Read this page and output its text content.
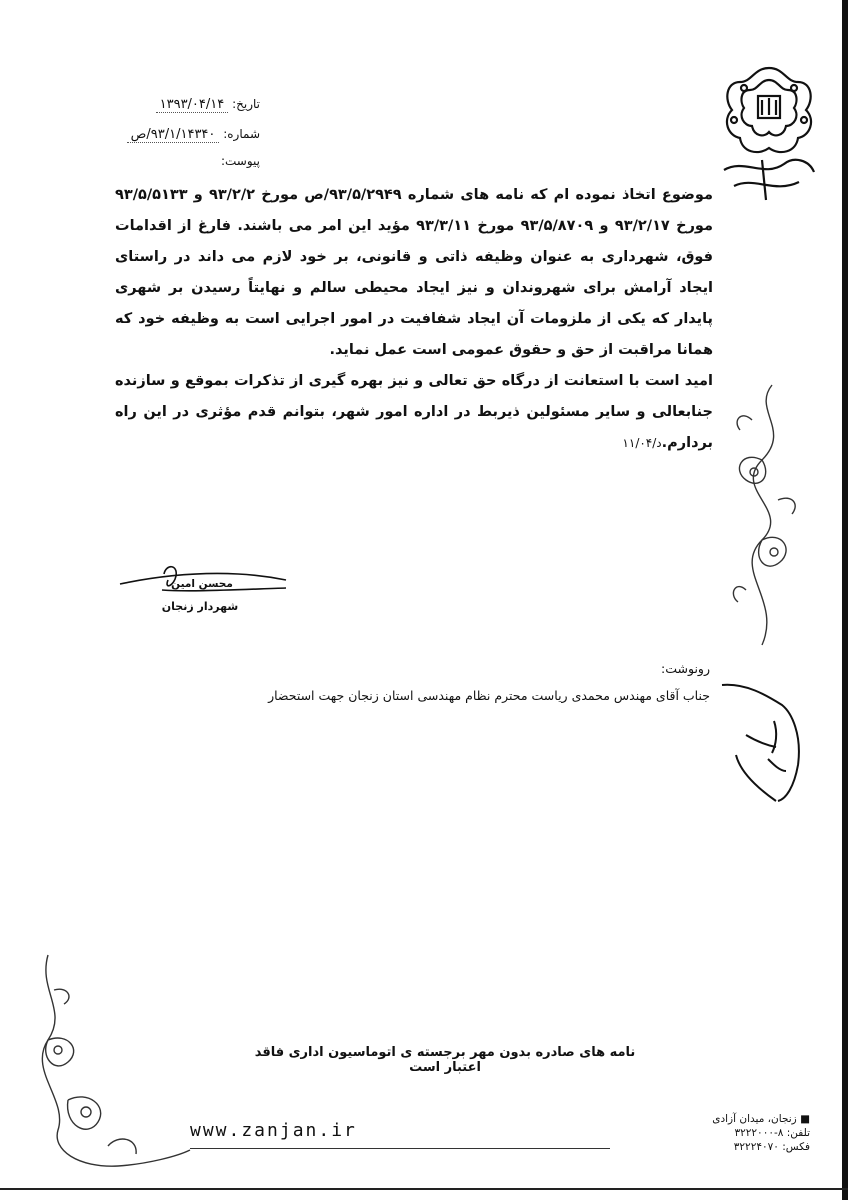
تاریخ: ۱۳۹۳/۰۴/۱۴
شماره: ۹۳/۱/۱۴۳۴۰/ص
پیوست:

موضوع اتخاذ نموده ام که نامه های شماره ۹۳/۵/۲۹۴۹/ص مورخ ۹۳/۲/۲ و ۹۳/۵/۵۱۳۳ مورخ ۹۳/۲/۱۷ و ۹۳/۵/۸۷۰۹ مورخ ۹۳/۳/۱۱ مؤید این امر می باشند. فارغ از اقدامات فوق، شهرداری به عنوان وظیفه ذاتی و قانونی، بر خود لازم می داند در راستای ایجاد آرامش برای شهروندان و نیز ایجاد محیطی سالم و نهایتاً رسیدن بر شهری پایدار که یکی از ملزومات آن ایجاد شفافیت در امور اجرایی است به وظیفه خود که همانا مراقبت از حق و حقوق عمومی است عمل نماید.

امید است با استعانت از درگاه حق تعالی و نیز بهره گیری از تذکرات بموقع و سازنده جنابعالی و سایر مسئولین ذیربط در اداره امور شهر، بتوانم قدم مؤثری در این راه بردارم.د/۱۱/۰۴

محسن امین
شهردار زنجان
رونوشت:
جناب آقای مهندس محمدی ریاست محترم نظام مهندسی استان زنجان جهت استحضار
نامه های صادره بدون مهر برجسته ی اتوماسیون اداری فاقد اعتبار است
www.zanjan.ir
■ زنجان، میدان آزادی
تلفن: ۸-۳۲۲۲۰۰۰
فکس: ۳۲۲۲۴۰۷۰
